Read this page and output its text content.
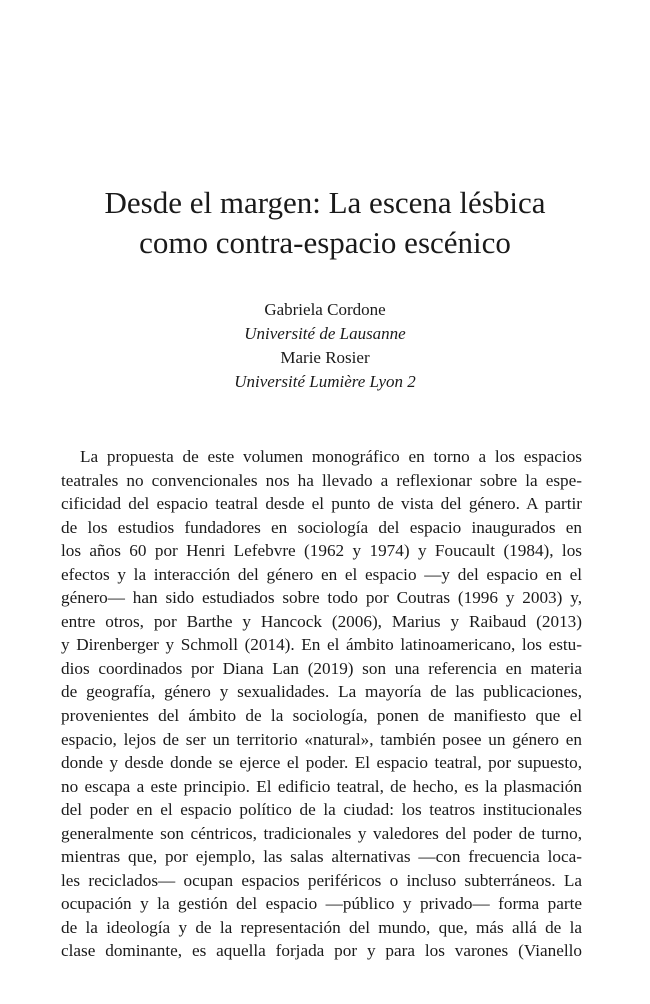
Desde el margen: La escena lésbica
como contra-espacio escénico
Gabriela Cordone
Université de Lausanne
Marie Rosier
Université Lumière Lyon 2
La propuesta de este volumen monográfico en torno a los espacios
teatrales no convencionales nos ha llevado a reflexionar sobre la espe-
cificidad del espacio teatral desde el punto de vista del género. A partir
de los estudios fundadores en sociología del espacio inaugurados en
los años 60 por Henri Lefebvre (1962 y 1974) y Foucault (1984), los
efectos y la interacción del género en el espacio —y del espacio en el
género— han sido estudiados sobre todo por Coutras (1996 y 2003) y,
entre otros, por Barthe y Hancock (2006), Marius y Raibaud (2013)
y Direnberger y Schmoll (2014). En el ámbito latinoamericano, los estu-
dios coordinados por Diana Lan (2019) son una referencia en materia
de geografía, género y sexualidades. La mayoría de las publicaciones,
provenientes del ámbito de la sociología, ponen de manifiesto que el
espacio, lejos de ser un territorio «natural», también posee un género en
donde y desde donde se ejerce el poder. El espacio teatral, por supuesto,
no escapa a este principio. El edificio teatral, de hecho, es la plasmación
del poder en el espacio político de la ciudad: los teatros institucionales
generalmente son céntricos, tradicionales y valedores del poder de turno,
mientras que, por ejemplo, las salas alternativas —con frecuencia loca-
les reciclados— ocupan espacios periféricos o incluso subterráneos. La
ocupación y la gestión del espacio —público y privado— forma parte
de la ideología y de la representación del mundo, que, más allá de la
clase dominante, es aquella forjada por y para los varones (Vianello
